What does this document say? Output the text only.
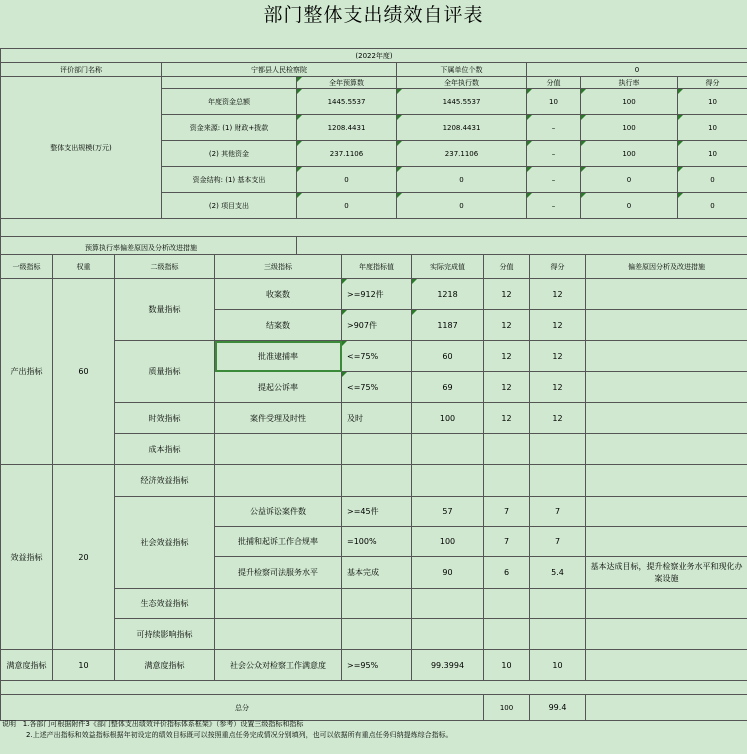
部门整体支出绩效自评表
(2022年度)						
评价部门名称	宁都县人民检察院		下属单位个数	0		
整体支出规模(万元)		全年预算数	全年执行数	分值	执行率	得分
	年度资金总额	1445.5537	1445.5537	10	100	10
	资金来源: (1) 财政+拨款	1208.4431	1208.4431	–	100	10
	(2) 其他资金	237.1106	237.1106	–	100	10
	资金结构: (1) 基本支出	0	0	–	0	0
	(2) 项目支出	0	0	–	0	0

预算执行率偏差原因及分析改进措施						
一级指标	权重	二级指标	三级指标	年度指标值	实际完成值	分值	得分	偏差原因分析及改进措施
产出指标	60	数量指标	收案数	>=912件	1218	12	12	
			结案数	>907件	1187	12	12	
		质量指标	批准逮捕率	<=75%	60	12	12	
			提起公诉率	<=75%	69	12	12	
		时效指标	案件受理及时性	及时	100	12	12	
		成本指标						
效益指标	20	经济效益指标						
		社会效益指标	公益诉讼案件数	>=45件	57	7	7	
			批捕和起诉工作合规率	=100%	100	7	7	
			提升检察司法服务水平	基本完成	90	6	5.4	基本达成目标，提升检察业务水平和现化办案设施
		生态效益指标						
		可持续影响指标						
满意度指标	10	满意度指标	社会公众对检察工作满意度	>=95%	99.3994	10	10	

总分						100	99.4	
说明 1.各部门可根据附件3《部门整体支出绩效评价指标体系框架》（参考）设置三级指标和指标
2.上述产出指标和效益指标根据年初设定的绩效目标既可以按照重点任务完成情况分别填列，也可以依据所有重点任务归纳提炼综合指标。
